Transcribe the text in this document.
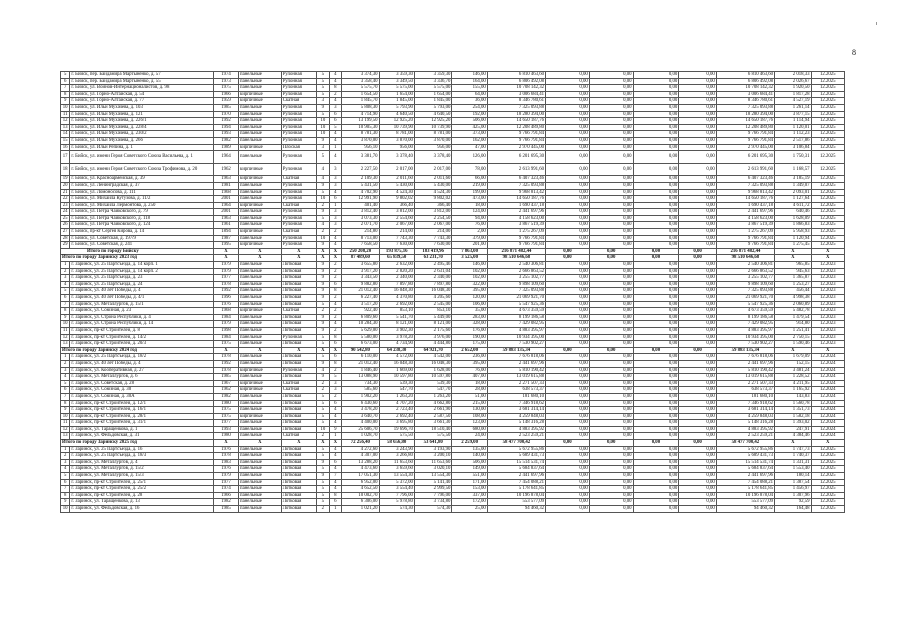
8
5	г. Бийск, пер. Байдамира Мартыненко, д. 57	1974	панельные	Рулонная	5	4	3 374,30	3 359,30	3 359,30	146,00	6 810 463,60	0,00	0,00	0,00	0,00	6 810 463,60	2 018,33	12.2025
6	г. Бийск, пер. Байдамира Мартыненко, д. 55	1973	панельные	Рулонная	5	4	3 358,40	3 349,50	3 336,70	164,00	6 806 492,08	0,00	0,00	0,00	0,00	6 806 492,08	2 026,67	12.2025
7	г. Бийск, ул. Воинов-Интернационалистов, д. 98	1975	панельные	Рулонная	5	8	5 575,70	5 575,00	5 575,00	155,00	10 708 142,32	0,00	0,00	0,00	0,00	10 708 142,32	1 920,50	12.2025
8	г. Бийск, ул. Горно-Алтайская, д. 54	1966	кирпичные	Рулонная	5	2	1 654,50	1 654,00	1 654,00	64,00	3 006 684,41	0,00	0,00	0,00	0,00	3 006 684,41	1 817,28	12.2025
9	г. Бийск, ул. Горно-Алтайская, д. 77	1959	кирпичные	Скатная	3	4	1 845,70	1 845,00	1 845,00	36,00	8 346 780,61	0,00	0,00	0,00	0,00	8 346 780,61	4 527,19	12.2025
10	г. Бийск, ул. Ильи Мухачева, д. 103	1985	панельные	Рулонная	9	3	5 808,30	5 793,90	5 793,00	254,00	7 325 093,88	0,00	0,00	0,00	0,00	7 325 093,88	1 261,14	12.2025
11	г. Бийск, ул. Ильи Мухачева, д. 121	1970	панельные	Рулонная	5	6	4 714,90	4 640,50	4 640,50	192,00	18 280 394,00	0,00	0,00	0,00	0,00	18 280 394,00	3 877,15	12.2025
12	г. Бийск, ул. Ильи Мухачева, д. 226/1	1992	панельные	Рулонная	10	6	13 199,50	12 925,20	12 925,20	506,00	14 650 187,76	0,00	0,00	0,00	0,00	14 650 187,76	1 114,94	12.2025
13	г. Бийск, ул. Ильи Мухачева, д. 228/4	1994	панельные	Рулонная	10	5	10 905,30	10 739,90	10 739,90	425,00	12 208 489,80	0,00	0,00	0,00	0,00	12 208 489,80	1 120,01	12.2025
14	г. Бийск, ул. Ильи Мухачева, д. 230/2	1993	панельные	Рулонная	10	4	8 781,30	8 781,00	8 781,00	373,00	9 766 791,84	0,00	0,00	0,00	0,00	9 766 791,84	1 112,23	12.2025
15	г. Бийск, ул. Ильи Мухачева, д. 266	1982	панельные	Рулонная	9	4	3 870,00	3 870,00	3 870,00	162,00	9 766 791,84	0,00	0,00	0,00	0,00	9 766 791,84	2 517,86	12.2025
16	г. Бийск, ул. Ильи Репина, д. 1	1989	кирпичные	Плоская	3	1	956,10	956,00	956,00	47,00	2 970 445,00	0,00	0,00	0,00	0,00	2 970 445,00	3 106,84	12.2025
17	г. Бийск, ул. имени Героя Советского Союза Васильева, д. 1	1964	панельные	Рулонная	5	4	3 381,70	3 378,40	3 378,40	126,00	6 201 695,30	0,00	0,00	0,00	0,00	6 201 695,30	1 750,31	12.2025
18	г. Бийск, ул. имени Героя Советского Союза Трофимова, д. 20	1962	кирпичные	Рулонная	4	3	2 227,50	2 017,00	2 017,00	78,00	2 613 991,60	0,00	0,00	0,00	0,00	2 613 991,60	1 168,57	12.2025
19	г. Бийск, ул. Красноармейская, д. 39	1963	кирпичные	Скатная	4	3	2 109,30	2 011,60	2 011,60	66,00	6 407 323,46	0,00	0,00	0,00	0,00	6 407 323,46	3 185,19	12.2025
20	г. Бийск, ул. Ленинградская, д. 37	1981	панельные	Рулонная	9	3	5 431,50	5 430,00	5 430,00	219,00	7 325 093,88	0,00	0,00	0,00	0,00	7 325 093,88	1 349,07	12.2025
21	г. Бийск, ул. Ломоносова, д. 111	1968	панельные	Рулонная	5	4	4 702,90	4 524,30	4 524,30	199,00	9 968 813,42	0,00	0,00	0,00	0,00	9 968 813,42	2 093,01	12.2025
22	г. Бийск, ул. Михаила Кутузова, д. 11/2	2001	панельные	Рулонная	10	6	12 991,90	9 802,02	9 802,02	473,00	14 650 187,76	0,00	0,00	0,00	0,00	14 650 187,76	1 127,64	12.2025
23	г. Бийск, ул. Михаила Лермонтова, д. 250	1964	кирпичные	Скатная	2	1	401,40	366,40	366,40	18,00	1 690 437,18	0,00	0,00	0,00	0,00	1 690 437,18	4 611,72	12.2025
24	г. Бийск, ул. Петра Чайковского, д. 79	2001	панельные	Рулонная	9	3	3 812,40	3 812,00	3 812,00	124,00	2 441 697,96	0,00	0,00	0,00	0,00	2 441 697,96	640,46	12.2025
25	г. Бийск, ул. Петра Чайковского, д. 118	1963	панельные	Рулонная	5	3	3 073,30	2 554,60	2 254,50	94,00	4 158 623,00	0,00	0,00	0,00	0,00	4 158 623,00	1 628,09	12.2025
26	г. Бийск, ул. Петра Чайковского, д. 124	1961	панельные	Рулонная	4	3	2 071,70	2 067,00	2 067,00	76,00	3 867 519,39	0,00	0,00	0,00	0,00	3 867 519,39	1 866,83	12.2025
27	г. Бийск, пр-кт Сергея Кирова, д. 14	1894	кирпичные	Скатная	2	2	214,80	214,00	214,00	2,00	1 275 267,09	0,00	0,00	0,00	0,00	1 275 267,09	5 958,93	12.2025
28	г. Бийск, ул. Советская, д. 197/9	1987	панельные	Рулонная	10	4	8 713,00	7 743,30	7 743,30	379,00	9 766 791,84	0,00	0,00	0,00	0,00	9 766 791,84	1 120,94	12.2025
29	г. Бийск, ул. Советская, д. 241	1995	кирпичные	Рулонная	9	4	7 658,50	7 630,00	7 630,00	201,00	9 766 791,84	0,00	0,00	0,00	0,00	9 766 791,84	1 275,45	12.2025
Итого по городу Бийску		X	X	X	X	X	250 208,20	193 875,16	183 419,96	7 863,00	216 871 482,44	0,00	0,00	0,00	0,00	216 871 482,44	X	X
Итого по городу Заринску 2023 год		X	X	X	X	X	87 489,60	65 839,50	63 231,70	3 525,00	98 510 646,68	0,00	0,00	0,00	0,00	98 510 646,68	X	X
1	г. Заринск, ул. 25 Партсъезда, д. 14 корп. 1	1979	панельные	Лотковая	9	2	3 655,80	2 632,00	2 495,46	146,00	2 540 306,81	0,00	0,00	0,00	0,00	2 540 306,81	965,85	12.2023
2	г. Заринск, ул. 25 Партсъезда, д. 14 корп. 2	1979	панельные	Лотковая	9	2	3 917,20	2 820,20	2 631,04	102,00	2 666 863,52	0,00	0,00	0,00	0,00	2 666 863,52	945,63	12.2023
3	г. Заринск, ул. 25 Партсъезда, д. 23	1977	панельные	Лотковая	9	2	3 343,50	2 340,00	2 340,00	102,00	3 255 102,77	0,00	0,00	0,00	0,00	3 255 102,77	1 365,87	12.2023
4	г. Заринск, ул. 25 Партсъезда, д. 24	1978	панельные	Лотковая	9	6	9 882,80	7 897,80	7 897,80	322,00	9 898 109,60	0,00	0,00	0,00	0,00	9 898 109,60	1 253,27	12.2023
5	г. Заринск, ул. 40 лет Победы, д. 4	1992	панельные	Лотковая	9	8	21 012,40	16 048,30	16 048,30	395,00	7 325 093,88	0,00	0,00	0,00	0,00	7 325 093,88	456,44	12.2023
6	г. Заринск, ул. 40 лет Победы, д. 4/1	1996	панельные	Лотковая	9	2	6 227,40	4 370,80	4 205,60	120,00	21 069 921,70	0,00	0,00	0,00	0,00	21 069 921,70	4 998,38	12.2023
7	г. Заринск, ул. Металлургов, д. 15/1	1976	панельные	Лотковая	5	4	3 517,20	2 692,00	2 545,00	106,00	5 547 925,36	0,00	0,00	0,00	0,00	5 547 925,36	2 060,89	12.2023
8	г. Заринск, ул. Союзная, д. 23	1968	кирпичные	Скатная	2	2	922,40	853,10	853,10	35,00	4 673 359,59	0,00	0,00	0,00	0,00	4 673 359,59	5 482,78	12.2023
9	г. Заринск, ул. Строна Республики, д. 4	1984	панельные	Лотковая	9	2	6 809,60	5 541,70	5 449,00	283,00	8 199 186,58	0,00	0,00	0,00	0,00	8 199 186,58	1 479,54	12.2023
10	г. Заринск, ул. Строна Республики, д. 14	1979	панельные	Лотковая	9	4	10 284,30	8 121,00	8 121,00	328,00	7 429 082,95	0,00	0,00	0,00	0,00	7 429 082,95	914,80	12.2023
11	г. Заринск, пр-кт Строителей, д. 8	1998	панельные	Лотковая	9	2	5 629,00	3 902,30	2 175,60	176,00	4 883 395,97	0,00	0,00	0,00	0,00	4 883 395,97	1 251,41	12.2023
12	г. Заринск, пр-кт Строителей, д. 14/2	1984	панельные	Рулонная	5	8	5 580,00	3 978,20	3 976,00	190,00	10 934 395,00	0,00	0,00	0,00	0,00	10 934 395,00	2 750,15	12.2023
13	г. Заринск, пр-кт Строителей, д. 20/3	1975	панельные	Лотковая	5	6	6 673,00	4 734,90	4 444,80	175,00	7 530 902,27	0,00	0,00	0,00	0,00	7 530 902,27	1 590,46	12.2023
Итого по городу Заринску 2024 год		X	X	X	X	X	90 542,80	64 238,30	64 921,70	2 652,00	59 883 135,34	0,00	0,00	0,00	0,00	59 883 135,34	X	X
1	г. Заринск, ул. 25 Партсъезда, д. 18/2	1978	панельные	Лотковая	5	6	6 110,00	4 572,00	4 542,00	236,00	7 676 818,06	0,00	0,00	0,00	0,00	7 676 818,06	1 679,09	12.2024
2	г. Заринск, ул. 40 лет Победы, д. 4	1992	панельные	Лотковая	9	8	21 012,40	16 048,30	16 048,30	395,00	2 441 697,96	0,00	0,00	0,00	0,00	2 441 697,96	152,15	12.2024
3	г. Заринск, ул. Кооперативная, д. 27	1978	кирпичные	Рулонная	4	2	1 846,40	1 669,00	1 628,00	76,00	5 810 190,42	0,00	0,00	0,00	0,00	5 810 190,42	3 481,24	12.2024
4	г. Заринск, ул. Металлургов, д. 6	1985	панельные	Лотковая	9	5	13 088,90	10 597,80	10 597,80	407,00	13 019 615,88	0,00	0,00	0,00	0,00	13 019 615,88	1 228,52	12.2024
5	г. Заринск, ул. Советская, д. 28	1967	кирпичные	Скатная	2	3	734,30	539,30	539,30	18,00	2 271 507,33	0,00	0,00	0,00	0,00	2 271 507,33	4 211,95	12.2024
6	г. Заринск, ул. Союзная, д. 30	1962	кирпичные	Скатная	2	3	585,60	547,70	547,70	28,00	638 573,37	0,00	0,00	0,00	0,00	638 573,37	1 165,92	12.2024
7	г. Заринск, ул. Союзная, д. 30А	1982	панельные	Лотковая	5	2	1 902,20	1 263,20	1 263,20	51,00	181 680,10	0,00	0,00	0,00	0,00	181 680,10	143,83	12.2024
8	г. Заринск, пр-кт Строителей, д. 12/1	1980	панельные	Лотковая	5	6	6 430,60	4 707,20	4 662,80	215,00	7 346 918,62	0,00	0,00	0,00	0,00	7 346 918,62	1 560,78	12.2024
9	г. Заринск, пр-кт Строителей, д. 16/1	1975	панельные	Лотковая	5	4	3 478,20	2 723,40	2 661,90	130,00	3 681 314,14	0,00	0,00	0,00	0,00	3 681 314,14	1 351,73	12.2024
10	г. Заринск, пр-кт Строителей, д. 28/1	1975	кирпичные	Лотковая	5	4	3 640,70	2 692,40	2 587,50	108,00	4 259 848,03	0,00	0,00	0,00	0,00	4 259 848,03	1 582,18	12.2024
11	г. Заринск, пр-кт Строителей, д. 31/1	1977	панельные	Лотковая	5	4	4 400,00	3 695,80	3 661,30	123,00	5 148 316,28	0,00	0,00	0,00	0,00	5 148 316,28	1 393,02	12.2024
12	г. Заринск, ул. Таращенкова, д. 1	1993	панельные	Лотковая	10	9	25 606,70	19 696,70	18 510,40	680,00	4 883 395,92	0,00	0,00	0,00	0,00	4 883 395,92	247,91	12.2024
13	г. Заринск, ул. Фельдовская, д. 31	1980	панельные	Скатная	2	1	1 028,70	575,50	575,50	24,00	2 523 259,21	0,00	0,00	0,00	0,00	2 523 259,21	4 384,46	12.2024
Итого по городу Заринску 2025 год		X	X	X	X	X	72 256,40	58 656,80	53 641,80	2 259,00	58 477 700,42	0,00	0,00	0,00	0,00	58 477 700,42	X	X
1	г. Заринск, ул. 25 Партсъезда, д. 16	1976	панельные	Лотковая	5	4	4 272,60	3 243,90	3 193,90	135,00	5 672 955,86	0,00	0,00	0,00	0,00	5 672 955,86	1 747,73	12.2025
2	г. Заринск, ул. 25 Партсъезда, д. 18/3	1978	панельные	Лотковая	5	4	4 307,00	3 266,80	3 200,10	140,00	5 689 431,73	0,00	0,00	0,00	0,00	5 689 431,73	1 740,37	12.2025
3	г. Заринск, ул. Металлургов, д. 4	1983	панельные	Лотковая	9	6	13 288,20	11 653,60	11 653,60	506,00	15 514 531,74	0,00	0,00	0,00	0,00	15 514 531,74	1 331,31	12.2025
4	г. Заринск, ул. Металлургов, д. 15/2	1976	панельные	Лотковая	5	4	4 473,60	3 659,60	3 020,10	149,00	5 684 837,64	0,00	0,00	0,00	0,00	5 684 837,64	1 553,40	12.2025
5	г. Заринск, ул. Металлургов, д. 15/3	1979	панельные	Лотковая	9	7	17 051,30	13 554,30	13 554,30	551,00	2 441 697,96	0,00	0,00	0,00	0,00	2 441 697,96	180,14	12.2025
6	г. Заринск, пр-кт Строителей, д. 25/1	1977	панельные	Лотковая	5	4	6 952,00	5 372,00	5 141,40	171,00	7 454 088,21	0,00	0,00	0,00	0,00	7 454 088,21	1 387,54	12.2025
7	г. Заринск, пр-кт Строителей, д. 25/2	1974	панельные	Лотковая	5	4	4 652,50	3 554,40	2 999,50	153,00	5 178 641,85	0,00	0,00	0,00	0,00	5 178 641,85	1 456,97	12.2025
8	г. Заринск, пр-кт Строителей, д. 28	1966	панельные	Лотковая	5	8	10 002,70	7 796,00	7 796,00	337,00	10 196 878,04	0,00	0,00	0,00	0,00	10 196 878,04	1 307,96	12.2025
9	г. Заринск, ул. Таращенкова, д. 13	1982	панельные	Лотковая	5	6	6 306,00	5 978,80	3 734,80	172,00	553 577,09	0,00	0,00	0,00	0,00	553 577,09	92,59	12.2025
10	г. Заринск, ул. Фельдовская, д. 16	1985	панельные	Лотковая	2	1	1 021,20	574,30	574,30	25,00	94 460,32	0,00	0,00	0,00	0,00	94 460,32	164,48	12.2025
